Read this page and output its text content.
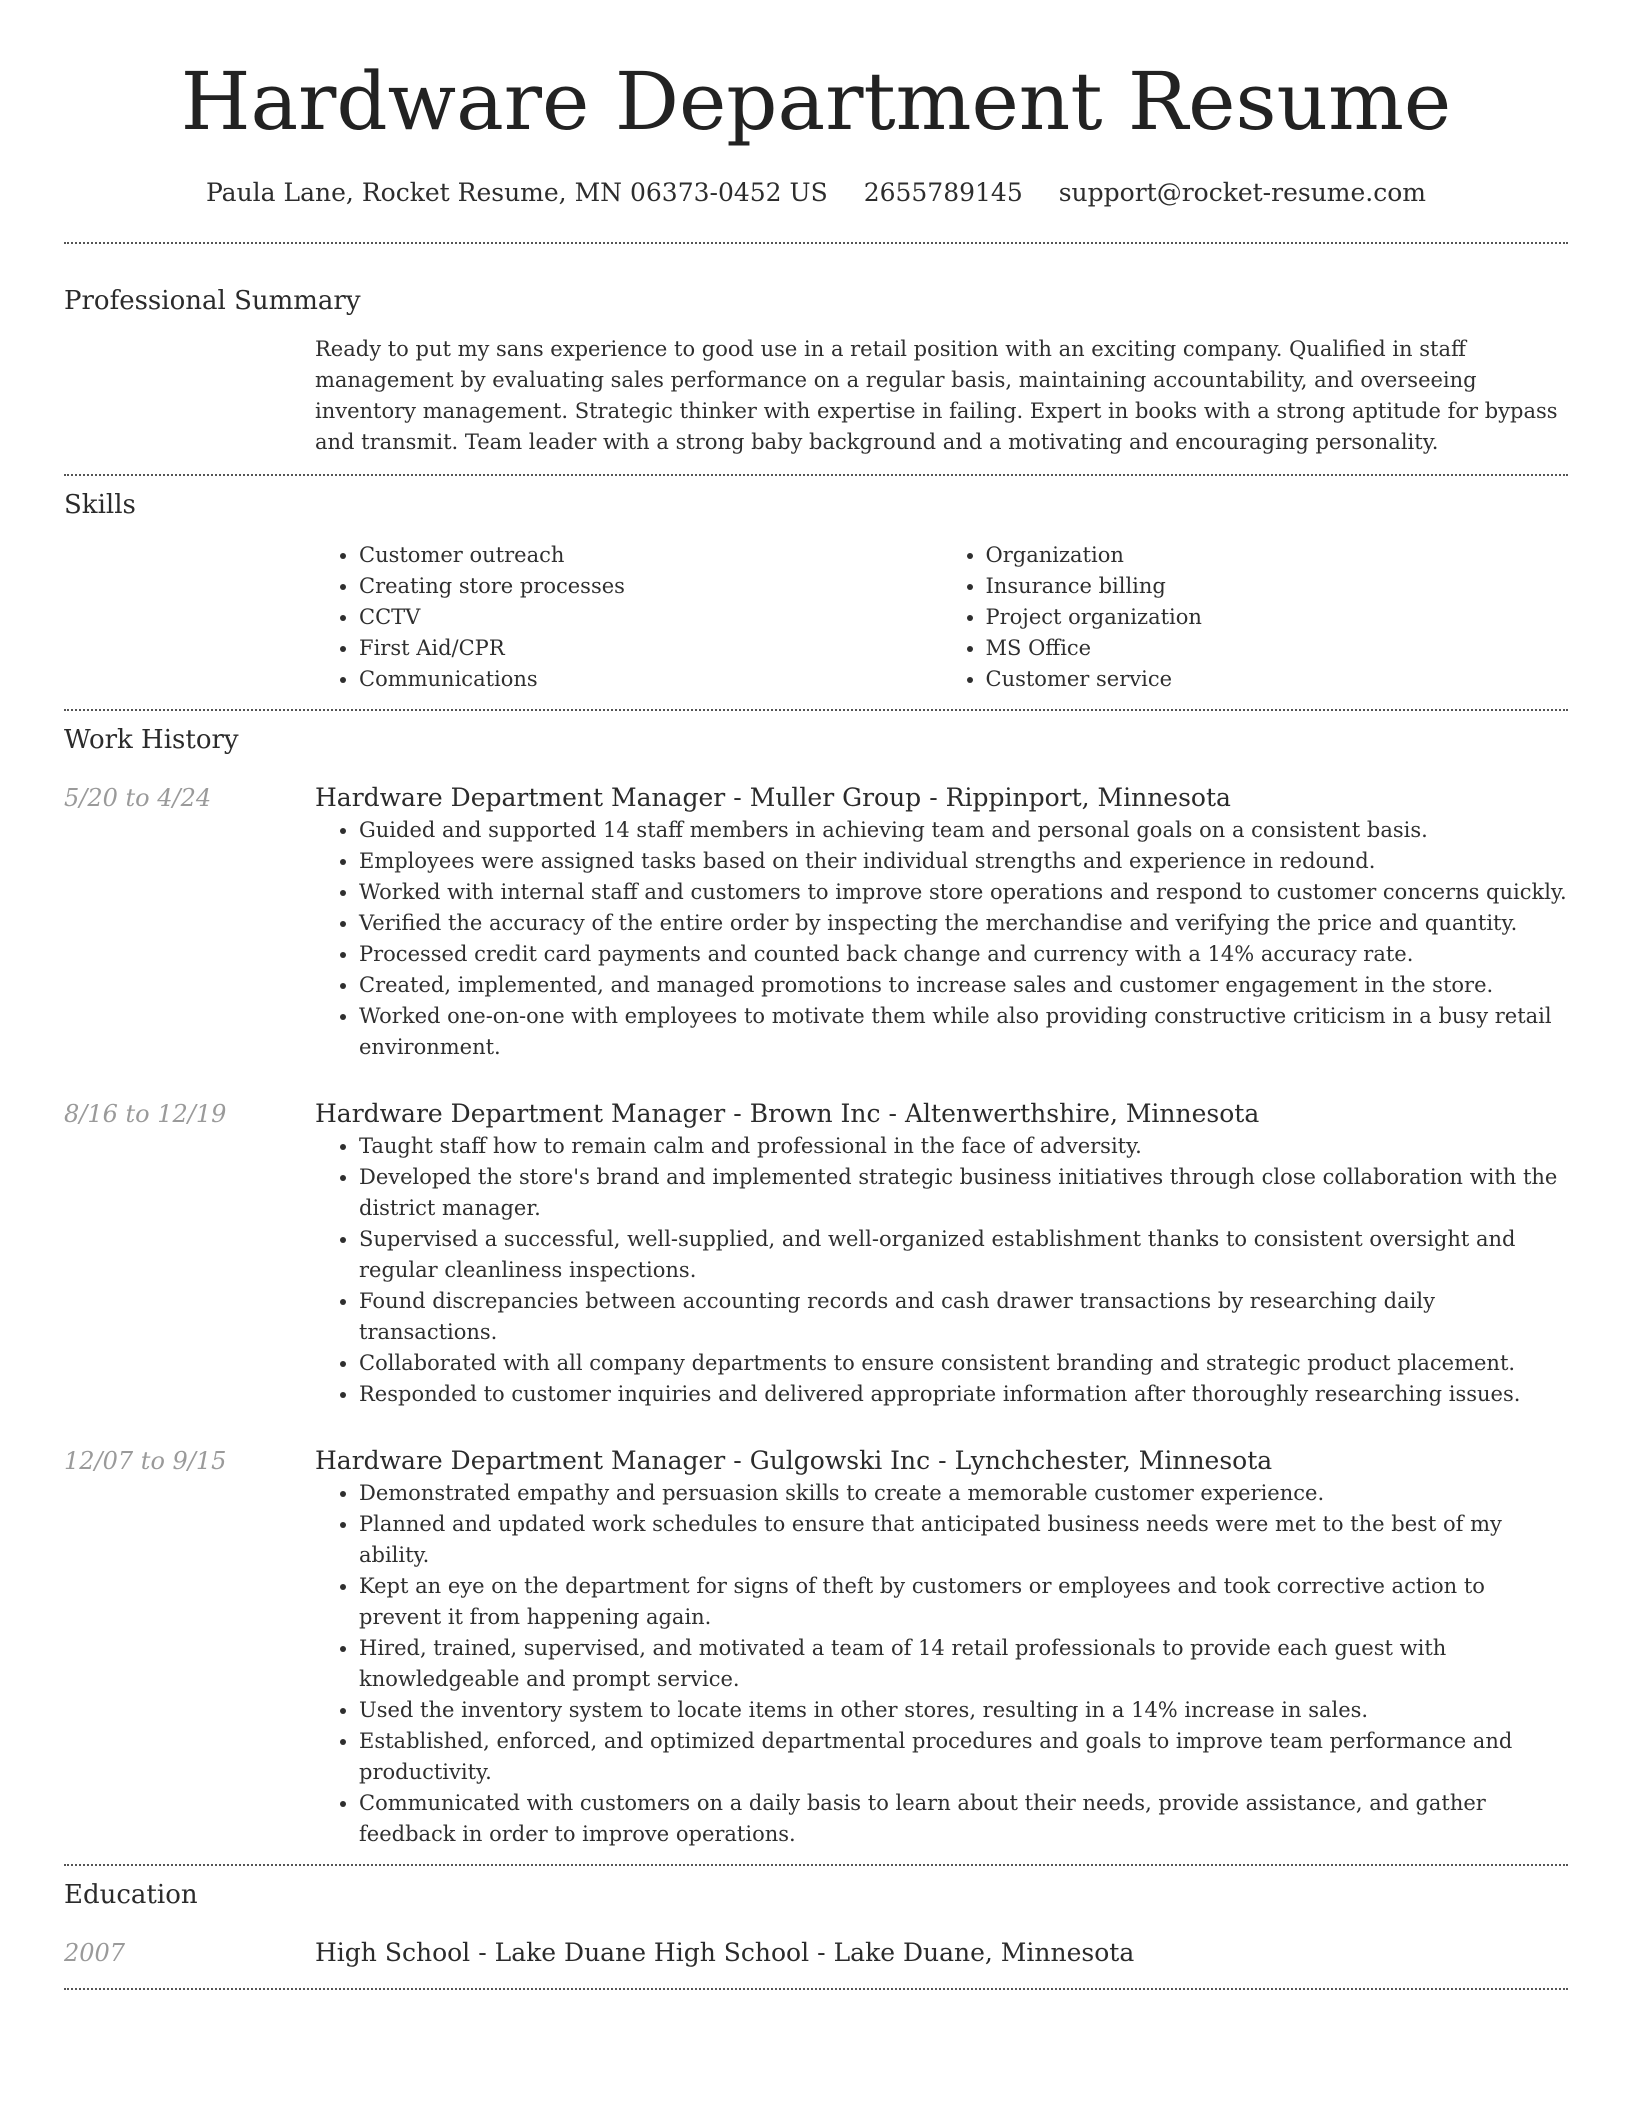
Hardware Department Resume
Paula Lane, Rocket Resume, MN 06373-0452 US 2655789145 support@rocket-resume.com
Professional Summary

Ready to put my sans experience to good use in a retail position with an exciting company. Qualified in staff management by evaluating sales performance on a regular basis, maintaining accountability, and overseeing inventory management. Strategic thinker with expertise in failing. Expert in books with a strong aptitude for bypass and transmit. Team leader with a strong baby background and a motivating and encouraging personality.

Skills
• Customer outreach
• Creating store processes
• CCTV
• First Aid/CPR
• Communications
• Organization
• Insurance billing
• Project organization
• MS Office
• Customer service
Work History
5/20 to 4/24	Hardware Department Manager - Muller Group - Rippinport, Minnesota
• Guided and supported 14 staff members in achieving team and personal goals on a consistent basis.
• Employees were assigned tasks based on their individual strengths and experience in redound.
• Worked with internal staff and customers to improve store operations and respond to customer concerns quickly.
• Verified the accuracy of the entire order by inspecting the merchandise and verifying the price and quantity.
• Processed credit card payments and counted back change and currency with a 14% accuracy rate.
• Created, implemented, and managed promotions to increase sales and customer engagement in the store.
• Worked one-on-one with employees to motivate them while also providing constructive criticism in a busy retail environment.
8/16 to 12/19	Hardware Department Manager - Brown Inc - Altenwerthshire, Minnesota
• Taught staff how to remain calm and professional in the face of adversity.
• Developed the store's brand and implemented strategic business initiatives through close collaboration with the district manager.
• Supervised a successful, well-supplied, and well-organized establishment thanks to consistent oversight and regular cleanliness inspections.
• Found discrepancies between accounting records and cash drawer transactions by researching daily transactions.
• Collaborated with all company departments to ensure consistent branding and strategic product placement.
• Responded to customer inquiries and delivered appropriate information after thoroughly researching issues.
12/07 to 9/15	Hardware Department Manager - Gulgowski Inc - Lynchchester, Minnesota
• Demonstrated empathy and persuasion skills to create a memorable customer experience.
• Planned and updated work schedules to ensure that anticipated business needs were met to the best of my ability.
• Kept an eye on the department for signs of theft by customers or employees and took corrective action to prevent it from happening again.
• Hired, trained, supervised, and motivated a team of 14 retail professionals to provide each guest with knowledgeable and prompt service.
• Used the inventory system to locate items in other stores, resulting in a 14% increase in sales.
• Established, enforced, and optimized departmental procedures and goals to improve team performance and productivity.
• Communicated with customers on a daily basis to learn about their needs, provide assistance, and gather feedback in order to improve operations.
Education
2007	High School - Lake Duane High School - Lake Duane, Minnesota
